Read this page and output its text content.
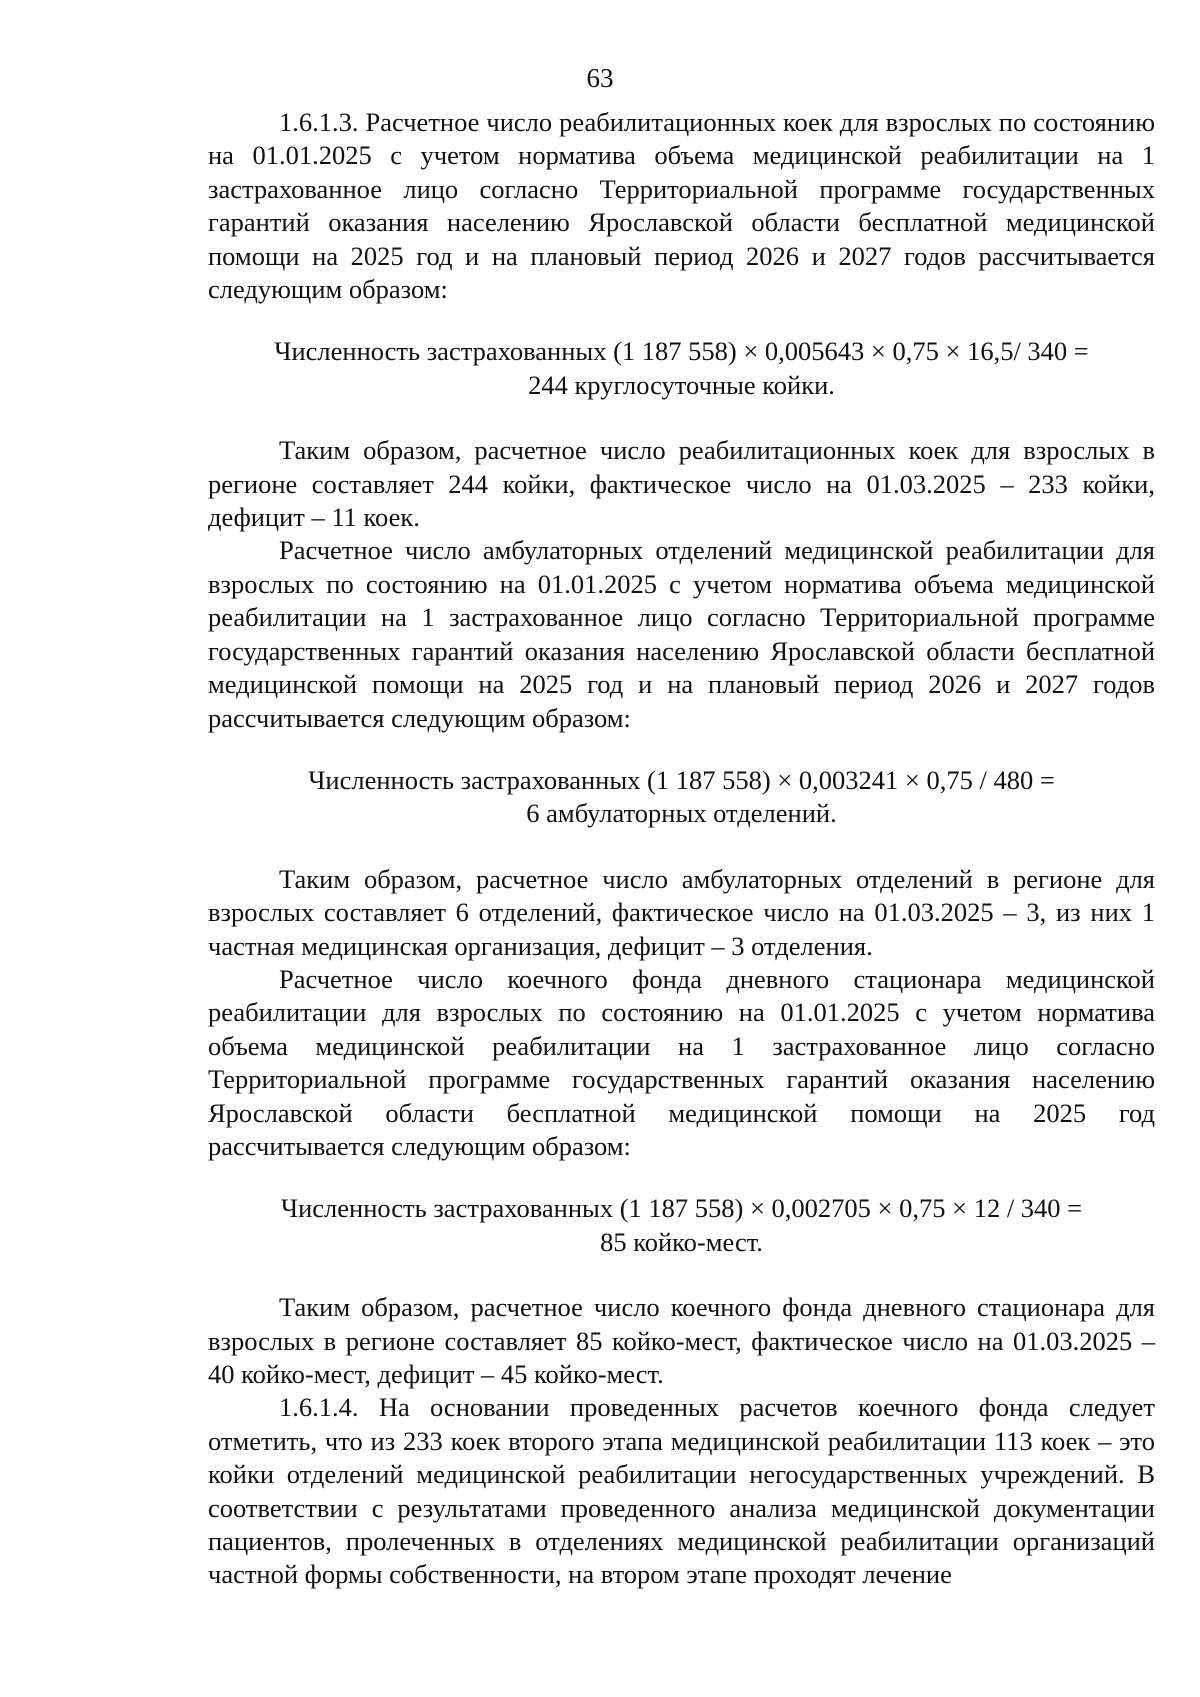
63

1.6.1.3. Расчетное число реабилитационных коек для взрослых по состоянию на 01.01.2025 с учетом норматива объема медицинской реабилитации на 1 застрахованное лицо согласно Территориальной программе государственных гарантий оказания населению Ярославской области бесплатной медицинской помощи на 2025 год и на плановый период 2026 и 2027 годов рассчитывается следующим образом:

Численность застрахованных (1 187 558) × 0,005643 × 0,75 × 16,5/ 340 =
244 круглосуточные койки.

Таким образом, расчетное число реабилитационных коек для взрослых в регионе составляет 244 койки, фактическое число на 01.03.2025 – 233 койки, дефицит – 11 коек.

Расчетное число амбулаторных отделений медицинской реабилитации для взрослых по состоянию на 01.01.2025 с учетом норматива объема медицинской реабилитации на 1 застрахованное лицо согласно Территориальной программе государственных гарантий оказания населению Ярославской области бесплатной медицинской помощи на 2025 год и на плановый период 2026 и 2027 годов рассчитывается следующим образом:

Численность застрахованных (1 187 558) × 0,003241 × 0,75 / 480 =
6 амбулаторных отделений.

Таким образом, расчетное число амбулаторных отделений в регионе для взрослых составляет 6 отделений, фактическое число на 01.03.2025 – 3, из них 1 частная медицинская организация, дефицит – 3 отделения.

Расчетное число коечного фонда дневного стационара медицинской реабилитации для взрослых по состоянию на 01.01.2025 с учетом норматива объема медицинской реабилитации на 1 застрахованное лицо согласно Территориальной программе государственных гарантий оказания населению Ярославской области бесплатной медицинской помощи на 2025 год рассчитывается следующим образом:

Численность застрахованных (1 187 558) × 0,002705 × 0,75 × 12 / 340 =
85 койко-мест.

Таким образом, расчетное число коечного фонда дневного стационара для взрослых в регионе составляет 85 койко-мест, фактическое число на 01.03.2025 – 40 койко-мест, дефицит – 45 койко-мест.

1.6.1.4. На основании проведенных расчетов коечного фонда следует отметить, что из 233 коек второго этапа медицинской реабилитации 113 коек – это койки отделений медицинской реабилитации негосударственных учреждений. В соответствии с результатами проведенного анализа медицинской документации пациентов, пролеченных в отделениях медицинской реабилитации организаций частной формы собственности, на втором этапе проходят лечение
